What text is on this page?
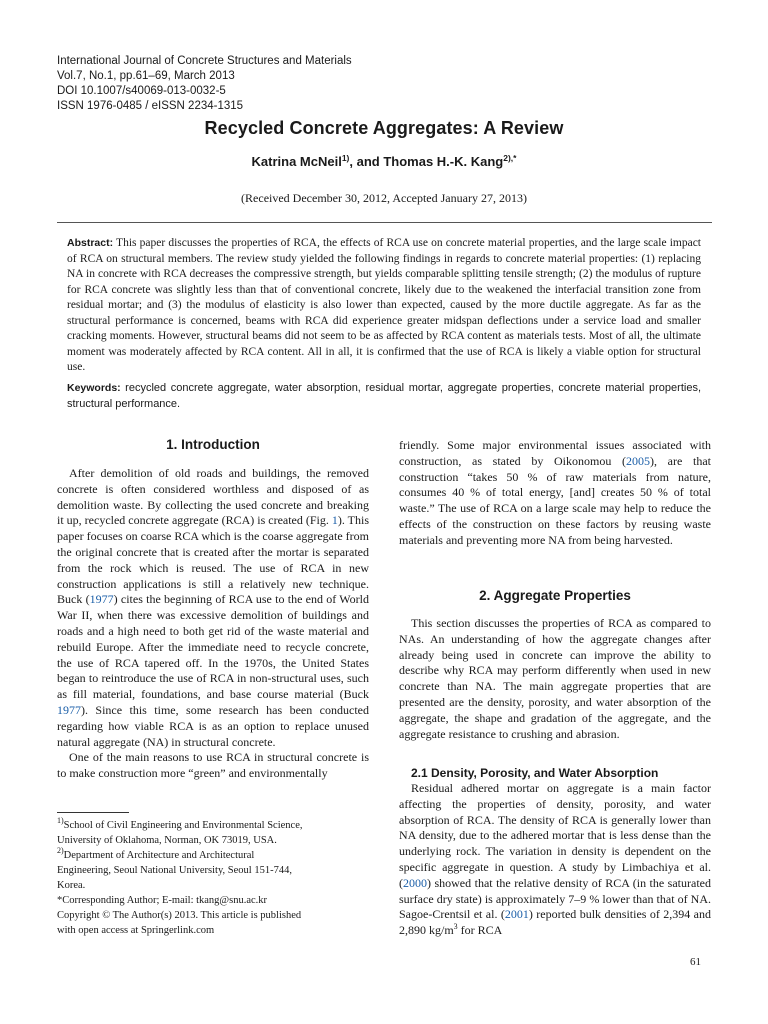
International Journal of Concrete Structures and Materials
Vol.7, No.1, pp.61–69, March 2013
DOI 10.1007/s40069-013-0032-5
ISSN 1976-0485 / eISSN 2234-1315
Recycled Concrete Aggregates: A Review
Katrina McNeil$^{1)}$, and Thomas H.-K. Kang$^{2),*}$
(Received December 30, 2012, Accepted January 27, 2013)
Abstract: This paper discusses the properties of RCA, the effects of RCA use on concrete material properties, and the large scale impact of RCA on structural members. The review study yielded the following findings in regards to concrete material properties: (1) replacing NA in concrete with RCA decreases the compressive strength, but yields comparable splitting tensile strength; (2) the modulus of rupture for RCA concrete was slightly less than that of conventional concrete, likely due to the weakened the interfacial transition zone from residual mortar; and (3) the modulus of elasticity is also lower than expected, caused by the more ductile aggregate. As far as the structural performance is concerned, beams with RCA did experience greater midspan deflections under a service load and smaller cracking moments. However, structural beams did not seem to be as affected by RCA content as materials tests. Most of all, the ultimate moment was moderately affected by RCA content. All in all, it is confirmed that the use of RCA is likely a viable option for structural use.
Keywords: recycled concrete aggregate, water absorption, residual mortar, aggregate properties, concrete material properties, structural performance.
1. Introduction

After demolition of old roads and buildings, the removed concrete is often considered worthless and disposed of as demolition waste. By collecting the used concrete and breaking it up, recycled concrete aggregate (RCA) is created (Fig. 1). This paper focuses on coarse RCA which is the coarse aggregate from the original concrete that is created after the mortar is separated from the rock which is reused. The use of RCA in new construction applications is still a relatively new technique. Buck (1977) cites the beginning of RCA use to the end of World War II, when there was excessive demolition of buildings and roads and a high need to both get rid of the waste material and rebuild Europe. After the immediate need to recycle concrete, the use of RCA tapered off. In the 1970s, the United States began to reintroduce the use of RCA in non-structural uses, such as fill material, foundations, and base course material (Buck 1977). Since this time, some research has been conducted regarding how viable RCA is as an option to replace unused natural aggregate (NA) in structural concrete.

One of the main reasons to use RCA in structural concrete is to make construction more “green” and environmentally

$^{1)}$School of Civil Engineering and Environmental Science,
University of Oklahoma, Norman, OK 73019, USA.
$^{2)}$Department of Architecture and Architectural
Engineering, Seoul National University, Seoul 151-744,
Korea.
*Corresponding Author; E-mail: tkang@snu.ac.kr
Copyright © The Author(s) 2013. This article is published
with open access at Springerlink.com

friendly. Some major environmental issues associated with construction, as stated by Oikonomou (2005), are that construction “takes 50 % of raw materials from nature, consumes 40 % of total energy, [and] creates 50 % of total waste.” The use of RCA on a large scale may help to reduce the effects of the construction on these factors by reusing waste materials and preventing more NA from being harvested.

2. Aggregate Properties

This section discusses the properties of RCA as compared to NAs. An understanding of how the aggregate changes after already being used in concrete can improve the ability to describe why RCA may perform differently when used in new concrete than NA. The main aggregate properties that are presented are the density, porosity, and water absorption of the aggregate, the shape and gradation of the aggregate, and the aggregate resistance to crushing and abrasion.

2.1 Density, Porosity, and Water Absorption

Residual adhered mortar on aggregate is a main factor affecting the properties of density, porosity, and water absorption of RCA. The density of RCA is generally lower than NA density, due to the adhered mortar that is less dense than the underlying rock. The variation in density is dependent on the specific aggregate in question. A study by Limbachiya et al. (2000) showed that the relative density of RCA (in the saturated surface dry state) is approximately 7–9 % lower than that of NA. Sagoe-Crentsil et al. (2001) reported bulk densities of 2,394 and 2,890 $kg/m^3$ for RCA

61
